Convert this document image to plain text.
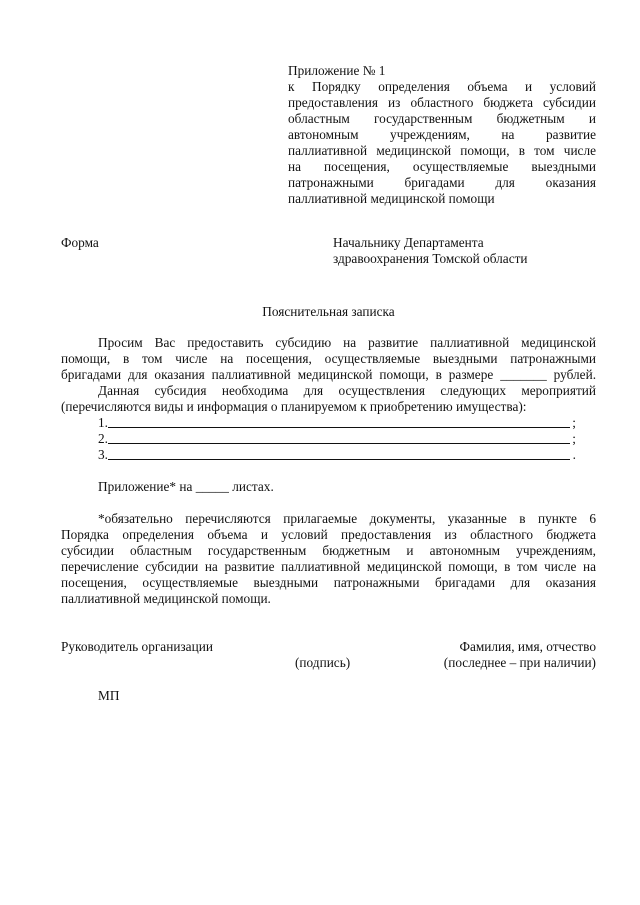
Приложение № 1
к Порядку определения объема и условий
предоставления из областного бюджета субсидии
областным государственным бюджетным и
автономным учреждениям, на развитие
паллиативной медицинской помощи, в том числе
на посещения, осуществляемые выездными
патронажными бригадами для оказания
паллиативной медицинской помощи
Форма	Начальнику Департамента
здравоохранения Томской области
Пояснительная записка
Просим Вас предоставить субсидию на развитие паллиативной медицинской
помощи, в том числе на посещения, осуществляемые выездными патронажными
бригадами для оказания паллиативной медицинской помощи, в размере _______ рублей.
Данная субсидия необходима для осуществления следующих мероприятий
(перечисляются виды и информация о планируемом к приобретению имущества):
1.	;
2.	;
3.	.
Приложение* на _____ листах.
*обязательно перечисляются прилагаемые документы, указанные в пункте 6
Порядка определения объема и условий предоставления из областного бюджета
субсидии областным государственным бюджетным и автономным учреждениям,
перечисление субсидии на развитие паллиативной медицинской помощи, в том числе на
посещения, осуществляемые выездными патронажными бригадами для оказания
паллиативной медицинской помощи.
Руководитель организации	Фамилия, имя, отчество
(подпись)	(последнее – при наличии)
МП
